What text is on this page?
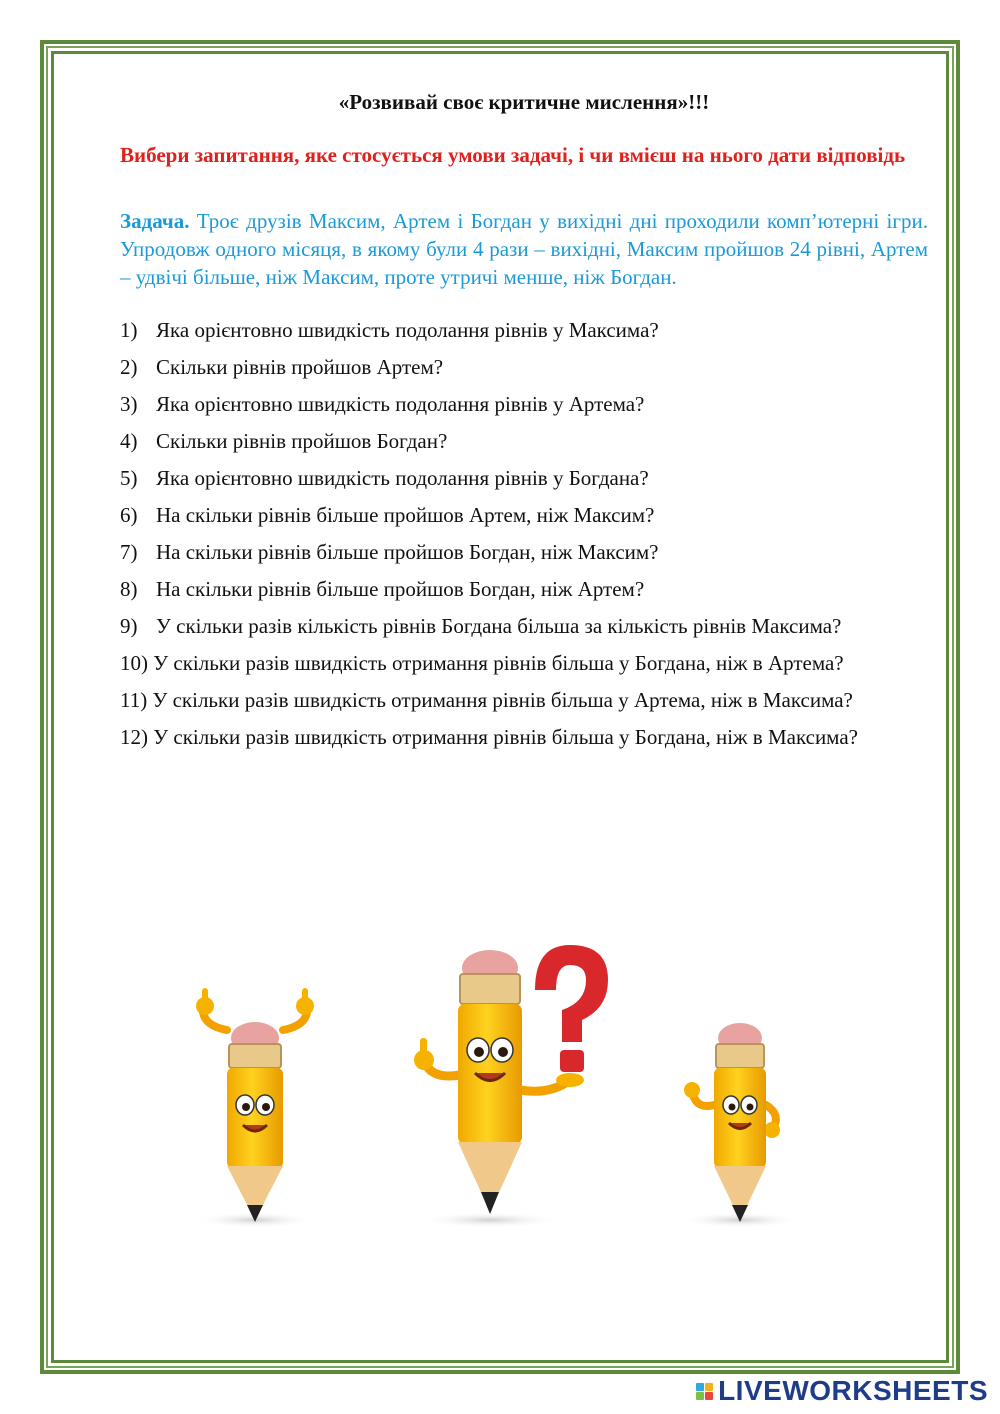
«Розвивай своє критичне мислення»!!!

Вибери запитання, яке стосується умови задачі, і чи вмієш на нього дати відповідь

Задача. Троє друзів Максим, Артем і Богдан у вихідні дні проходили комп’ютерні ігри. Упродовж одного місяця, в якому були 4 рази – вихідні, Максим пройшов 24 рівні, Артем – удвічі більше, ніж Максим, проте утричі менше, ніж Богдан.

1) Яка орієнтовно швидкість подолання рівнів у Максима?
2) Скільки рівнів пройшов Артем?
3) Яка орієнтовно швидкість подолання рівнів у Артема?
4) Скільки рівнів пройшов Богдан?
5) Яка орієнтовно швидкість подолання рівнів у Богдана?
6) На скільки рівнів більше пройшов Артем, ніж Максим?
7) На скільки рівнів більше пройшов Богдан, ніж Максим?
8) На скільки рівнів більше пройшов Богдан, ніж Артем?
9) У скільки разів кількість рівнів Богдана більша за кількість рівнів Максима?
10) У скільки разів швидкість отримання рівнів більша у Богдана, ніж в Артема?
11) У скільки разів швидкість отримання рівнів більша у Артема, ніж в Максима?
12) У скільки разів швидкість отримання рівнів більша у Богдана, ніж в Максима?
LIVEWORKSHEETS
